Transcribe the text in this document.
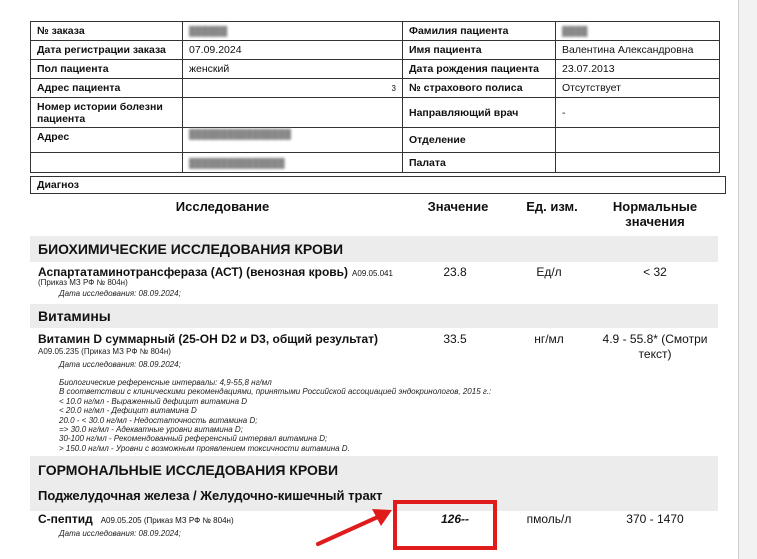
№ заказа	██████	Фамилия пациента	████
Дата регистрации заказа	07.09.2024	Имя пациента	Валентина Александровна
Пол пациента	женский	Дата рождения пациента	23.07.2013
Адрес пациента	3	№ страхового полиса	Отсутствует
Номер истории болезни пациента		Направляющий врач	-
Адрес	████████████████	Отделение	
	███████████████	Палата	
Диагноз
Исследование	Значение	Ед. изм.	Нормальные значения
БИОХИМИЧЕСКИЕ ИССЛЕДОВАНИЯ КРОВИ
Аспартатаминотрансфераза (АСТ) (венозная кровь) A09.05.041
(Приказ МЗ РФ № 804н)
Дата исследования: 08.09.2024;
23.8	Ед/л	< 32
Витамины
Витамин D суммарный (25-OH D2 и D3, общий результат)
A09.05.235 (Приказ МЗ РФ № 804н)
Дата исследования: 08.09.2024;
33.5	нг/мл	4.9 - 55.8* (Смотри текст)
Биологические референсные интервалы: 4,9-55,8 нг/мл
В соответствии с клиническими рекомендациями, принятыми Российской ассоциацией эндокринологов, 2015 г.:
< 10.0 нг/мл - Выраженный дефицит витамина D
< 20.0 нг/мл - Дефицит витамина D
20.0 - < 30.0 нг/мл - Недостаточность витамина D;
=> 30.0 нг/мл - Адекватные уровни витамина D;
30-100 нг/мл - Рекомендованный референсный интервал витамина D;
> 150.0 нг/мл - Уровни с возможным проявлением токсичности витамина D.
ГОРМОНАЛЬНЫЕ ИССЛЕДОВАНИЯ КРОВИ
Поджелудочная железа / Желудочно-кишечный тракт
С-пептид A09.05.205 (Приказ МЗ РФ № 804н)
Дата исследования: 08.09.2024;
126--	пмоль/л	370 - 1470
